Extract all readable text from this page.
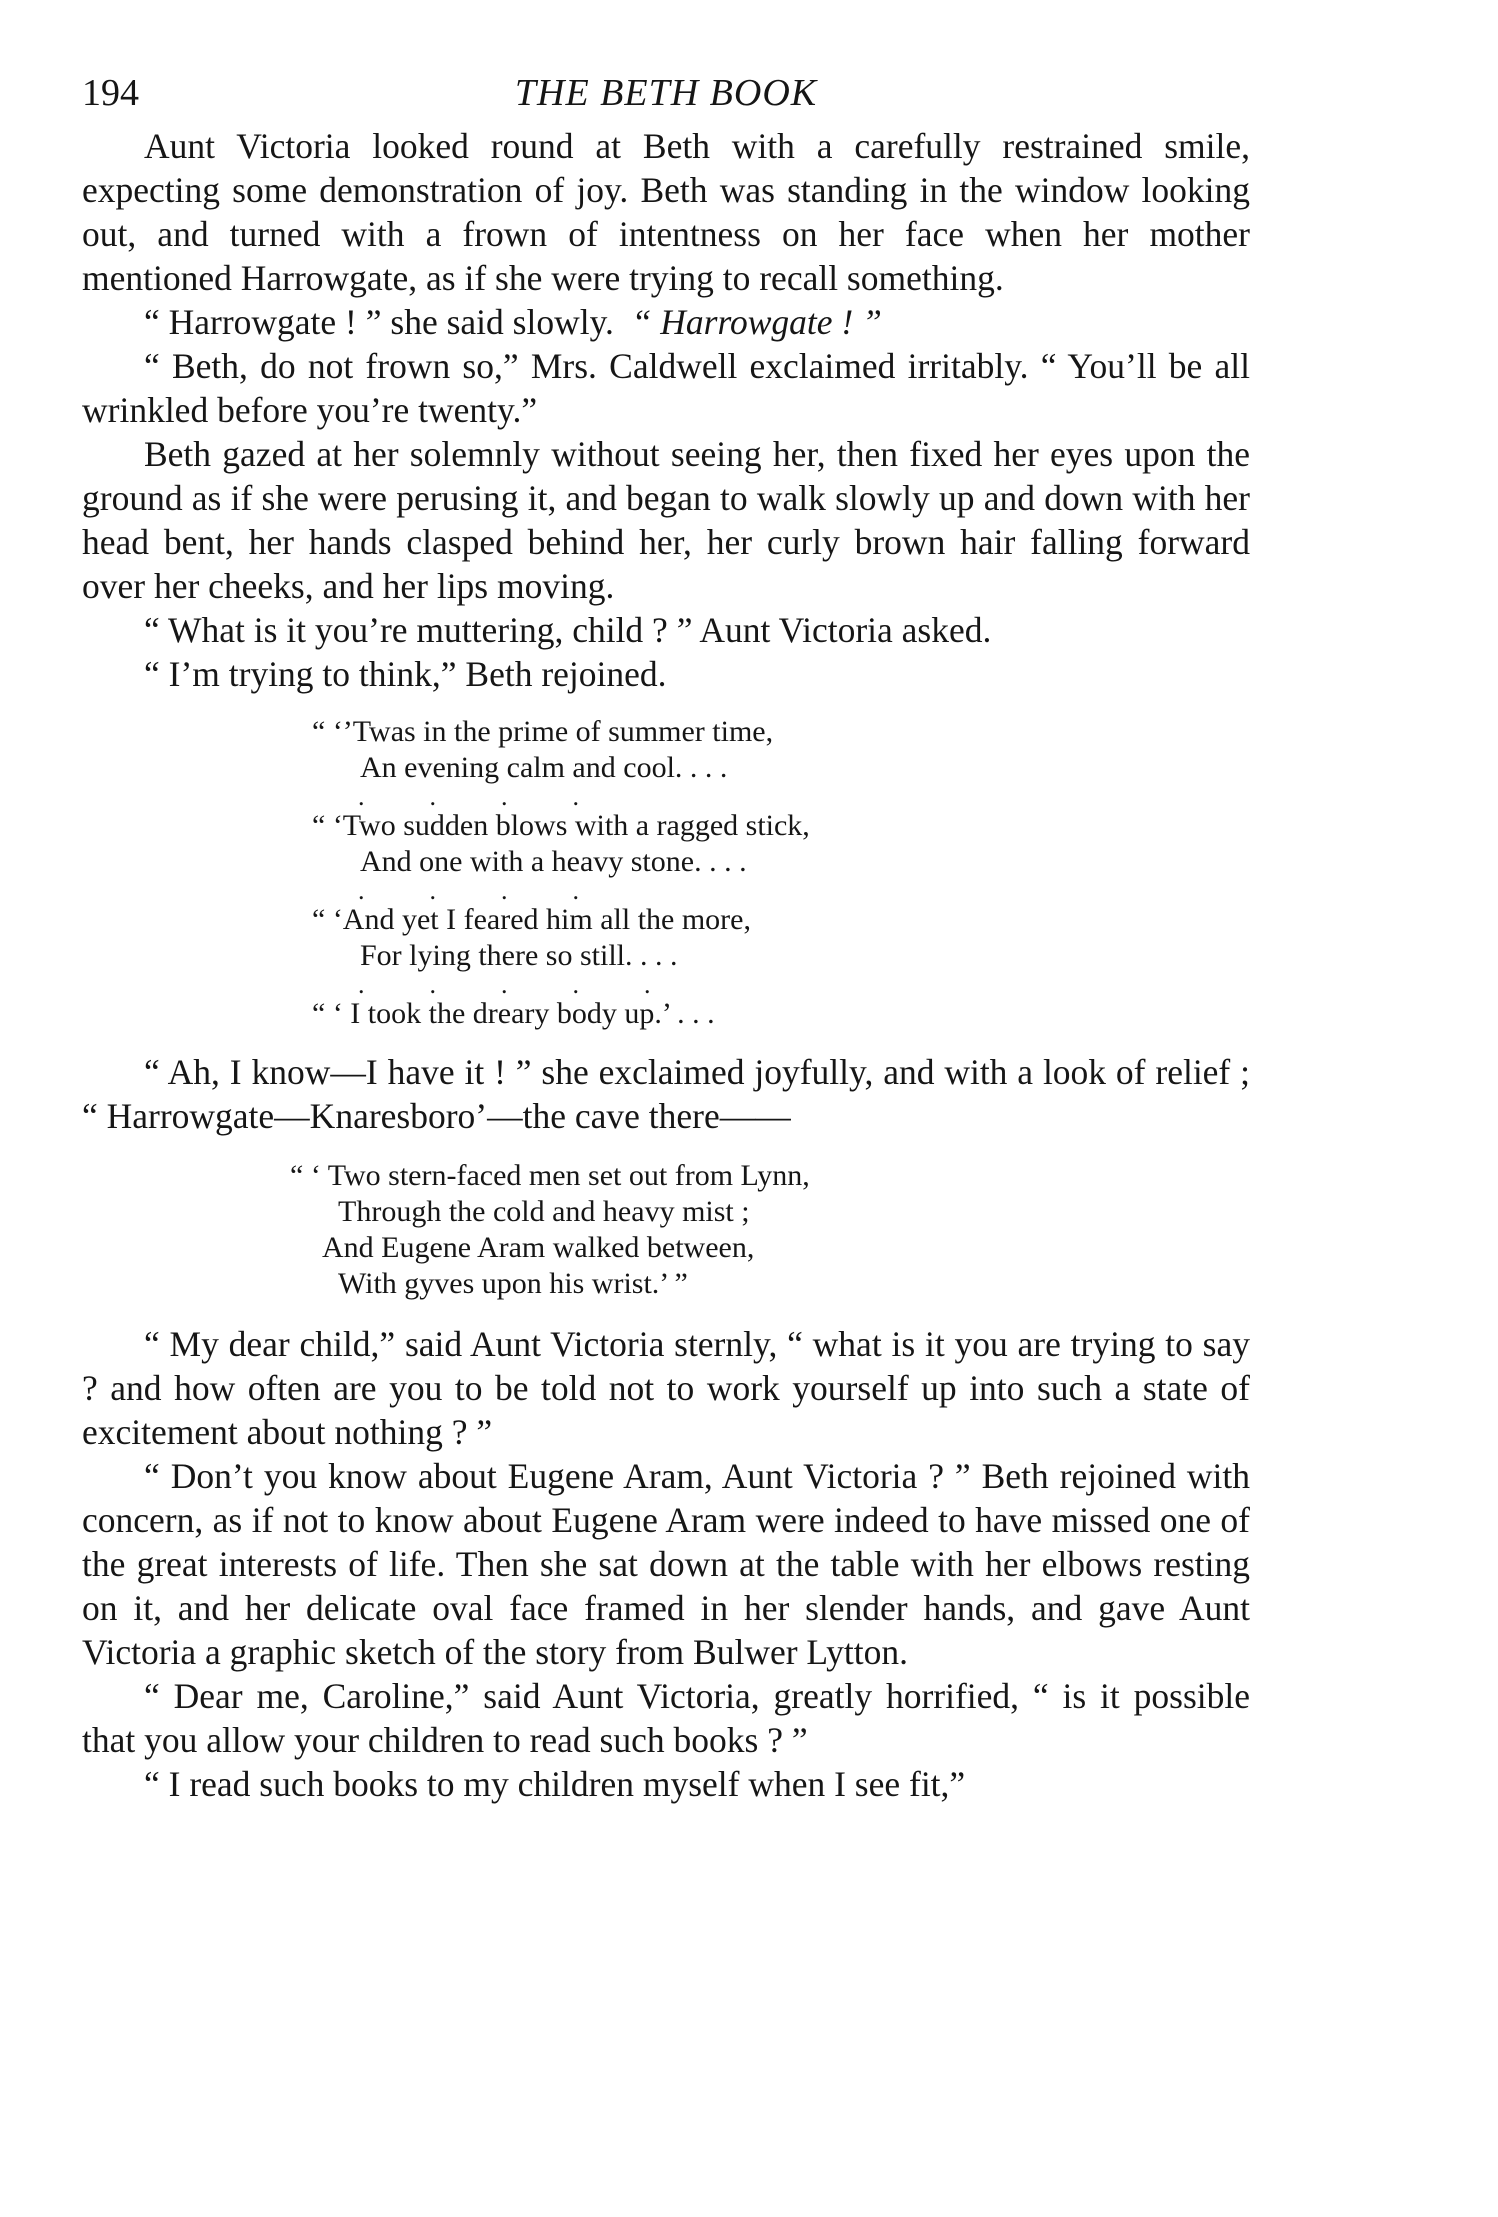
194	THE BETH BOOK

Aunt Victoria looked round at Beth with a carefully restrained smile, expecting some demonstration of joy. Beth was standing in the window looking out, and turned with a frown of intentness on her face when her mother mentioned Harrowgate, as if she were trying to recall something.

“ Harrowgate ! ” she said slowly. “ Harrowgate ! ”

“ Beth, do not frown so,” Mrs. Caldwell exclaimed irritably. “ You’ll be all wrinkled before you’re twenty.”

Beth gazed at her solemnly without seeing her, then fixed her eyes upon the ground as if she were perusing it, and began to walk slowly up and down with her head bent, her hands clasped behind her, her curly brown hair falling forward over her cheeks, and her lips moving.

“ What is it you’re muttering, child ? ” Aunt Victoria asked.

“ I’m trying to think,” Beth rejoined.

“ ‘’Twas in the prime of summer time,
An evening calm and cool. . . .
.          .          .          .
“ ‘Two sudden blows with a ragged stick,
And one with a heavy stone. . . .
.          .          .          .
“ ‘And yet I feared him all the more,
For lying there so still. . . .
.          .          .          .          .
“ ‘ I took the dreary body up.’ . . .

“ Ah, I know—I have it ! ” she exclaimed joyfully, and with a look of relief ; “ Harrowgate—Knaresboro’—the cave there——

“ ‘ Two stern-faced men set out from Lynn,
Through the cold and heavy mist ;
And Eugene Aram walked between,
With gyves upon his wrist.’ ”

“ My dear child,” said Aunt Victoria sternly, “ what is it you are trying to say ? and how often are you to be told not to work yourself up into such a state of excitement about nothing ? ”

“ Don’t you know about Eugene Aram, Aunt Victoria ? ” Beth rejoined with concern, as if not to know about Eugene Aram were indeed to have missed one of the great interests of life. Then she sat down at the table with her elbows resting on it, and her delicate oval face framed in her slender hands, and gave Aunt Victoria a graphic sketch of the story from Bulwer Lytton.

“ Dear me, Caroline,” said Aunt Victoria, greatly horrified, “ is it possible that you allow your children to read such books ? ”

“ I read such books to my children myself when I see fit,”
